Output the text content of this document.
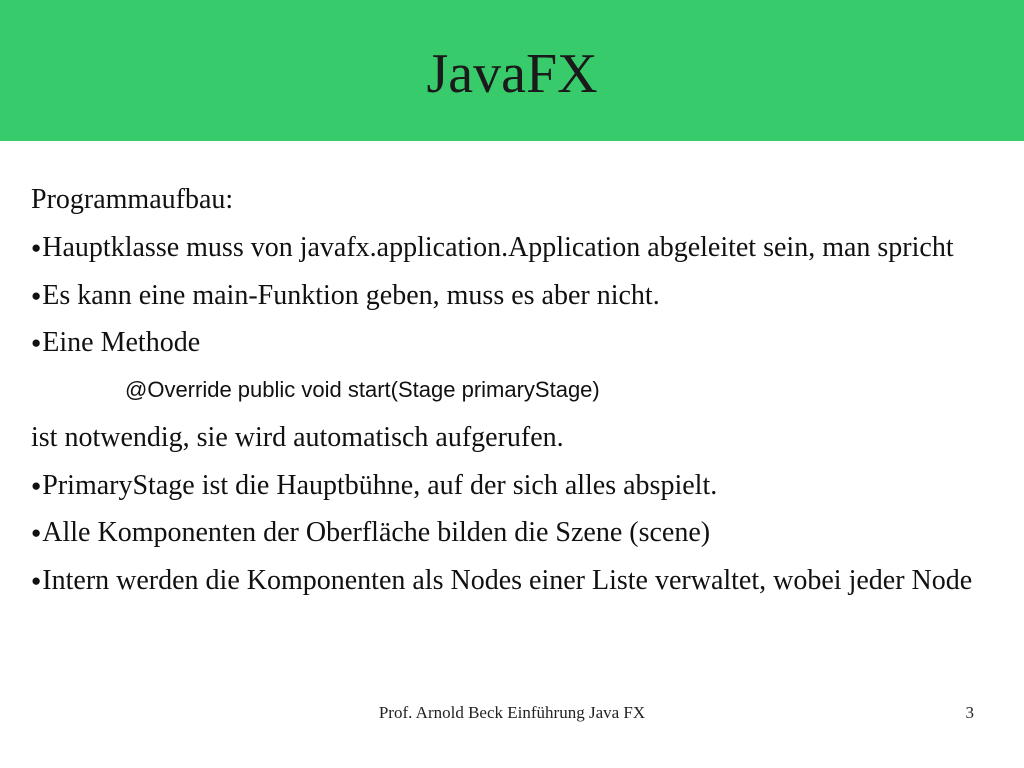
JavaFX
Programmaufbau:
●Hauptklasse muss von javafx.application.Application abgeleitet sein, man spricht
●Es kann eine main-Funktion geben, muss es aber nicht.
●Eine Methode
@Override public void start(Stage primaryStage)
ist notwendig, sie wird automatisch aufgerufen.
●PrimaryStage ist die Hauptbühne, auf der sich alles abspielt.
●Alle Komponenten der Oberfläche bilden die Szene (scene)
●Intern werden die Komponenten als Nodes einer Liste verwaltet, wobei jeder Node
Prof. Arnold Beck Einführung Java FX	3
